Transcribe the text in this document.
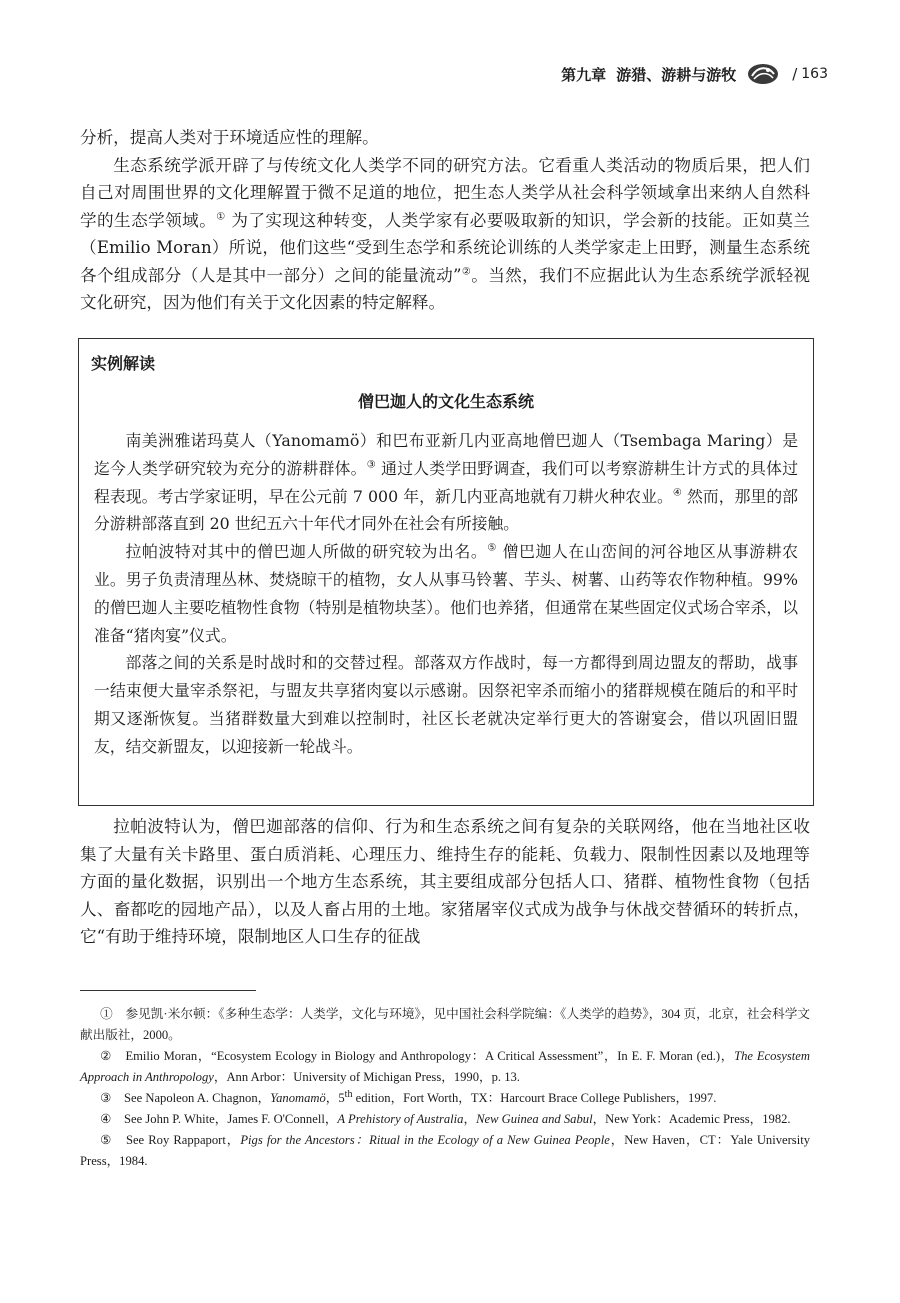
第九章 游猎、游耕与游牧	/ 163

分析，提高人类对于环境适应性的理解。

生态系统学派开辟了与传统文化人类学不同的研究方法。它看重人类活动的物质后果，把人们自己对周围世界的文化理解置于微不足道的地位，把生态人类学从社会科学领域拿出来纳人自然科学的生态学领域。① 为了实现这种转变，人类学家有必要吸取新的知识，学会新的技能。正如莫兰（Emilio Moran）所说，他们这些“受到生态学和系统论训练的人类学家走上田野，测量生态系统各个组成部分（人是其中一部分）之间的能量流动”②。当然，我们不应据此认为生态系统学派轻视文化研究，因为他们有关于文化因素的特定解释。

实例解读
僧巴迦人的文化生态系统

南美洲雅诺玛莫人（Yanomamö）和巴布亚新几内亚高地僧巴迦人（Tsembaga Maring）是迄今人类学研究较为充分的游耕群体。③ 通过人类学田野调查，我们可以考察游耕生计方式的具体过程表现。考古学家证明，早在公元前 7 000 年，新几内亚高地就有刀耕火种农业。④ 然而，那里的部分游耕部落直到 20 世纪五六十年代才同外在社会有所接触。

拉帕波特对其中的僧巴迦人所做的研究较为出名。⑤ 僧巴迦人在山峦间的河谷地区从事游耕农业。男子负责清理丛林、焚烧晾干的植物，女人从事马铃薯、芋头、树薯、山药等农作物种植。99%的僧巴迦人主要吃植物性食物（特别是植物块茎）。他们也养猪，但通常在某些固定仪式场合宰杀，以准备“猪肉宴”仪式。

部落之间的关系是时战时和的交替过程。部落双方作战时，每一方都得到周边盟友的帮助，战事一结束便大量宰杀祭祀，与盟友共享猪肉宴以示感谢。因祭祀宰杀而缩小的猪群规模在随后的和平时期又逐渐恢复。当猪群数量大到难以控制时，社区长老就决定举行更大的答谢宴会，借以巩固旧盟友，结交新盟友，以迎接新一轮战斗。

拉帕波特认为，僧巴迦部落的信仰、行为和生态系统之间有复杂的关联网络，他在当地社区收集了大量有关卡路里、蛋白质消耗、心理压力、维持生存的能耗、负载力、限制性因素以及地理等方面的量化数据，识别出一个地方生态系统，其主要组成部分包括人口、猪群、植物性食物（包括人、畜都吃的园地产品），以及人畜占用的土地。家猪屠宰仪式成为战争与休战交替循环的转折点，它“有助于维持环境，限制地区人口生存的征战

①　参见凯·米尔顿：《多种生态学：人类学，文化与环境》，见中国社会科学院编：《人类学的趋势》，304 页，北京，社会科学文献出版社，2000。

②　Emilio Moran，“Ecosystem Ecology in Biology and Anthropology：A Critical Assessment”，In E. F. Moran (ed.)，The Ecosystem Approach in Anthropology，Ann Arbor：University of Michigan Press，1990，p. 13.

③　See Napoleon A. Chagnon，Yanomamö，5th edition，Fort Worth，TX：Harcourt Brace College Publishers，1997.

④　See John P. White，James F. O'Connell，A Prehistory of Australia，New Guinea and Sabul，New York：Academic Press，1982.

⑤　See Roy Rappaport，Pigs for the Ancestors：Ritual in the Ecology of a New Guinea People，New Haven，CT：Yale University Press，1984.
